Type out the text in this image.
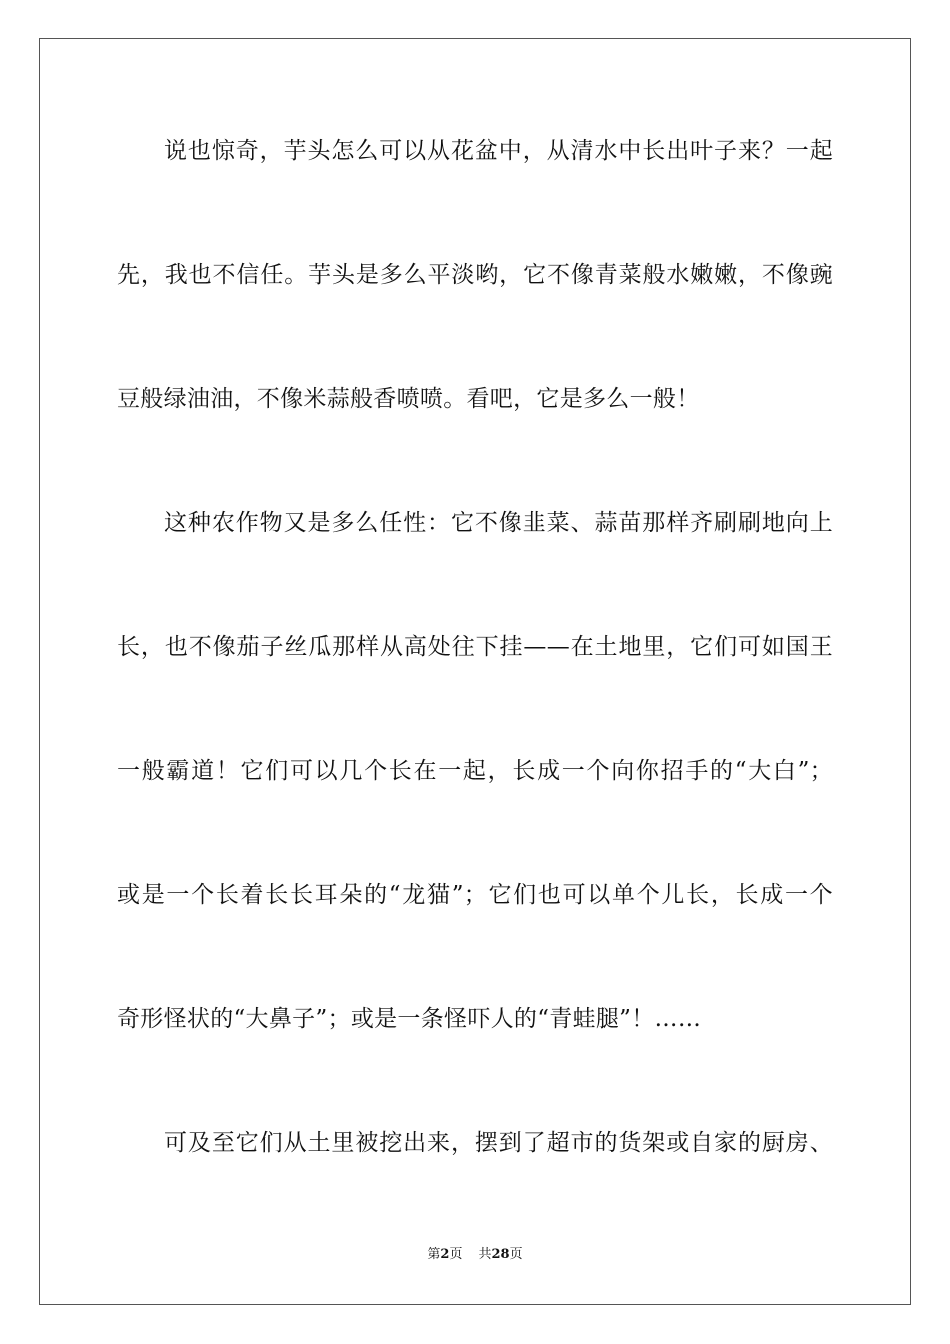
说也惊奇，芋头怎么可以从花盆中，从清水中长出叶子来？一起
先，我也不信任。芋头是多么平淡哟，它不像青菜般水嫩嫩，不像豌
豆般绿油油，不像米蒜般香喷喷。看吧，它是多么一般！
这种农作物又是多么任性：它不像韭菜、蒜苗那样齐刷刷地向上
长，也不像茄子丝瓜那样从高处往下挂——在土地里，它们可如国王
一般霸道！它们可以几个长在一起，长成一个向你招手的“大白”；
或是一个长着长长耳朵的“龙猫”；它们也可以单个儿长，长成一个
奇形怪状的“大鼻子”；或是一条怪吓人的“青蛙腿”！……
可及至它们从土里被挖出来，摆到了超市的货架或自家的厨房、
第2页 共28页
